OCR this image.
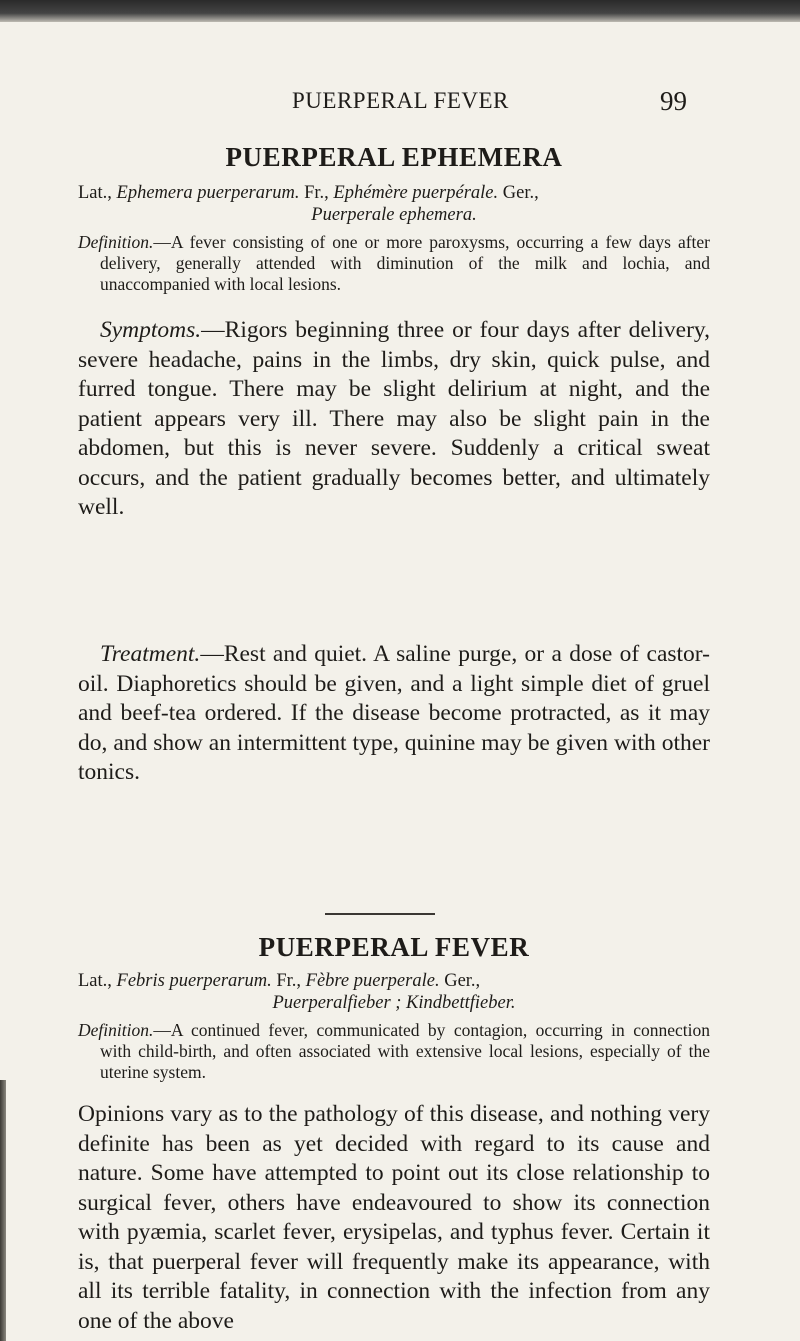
PUERPERAL FEVER	99
PUERPERAL EPHEMERA

Lat., Ephemera puerperarum. Fr., Ephémère puerpérale. Ger.,
Puerperale ephemera.

Definition.—A fever consisting of one or more paroxysms, occurring a few days after delivery, generally attended with diminution of the milk and lochia, and unaccompanied with local lesions.

Symptoms.—Rigors beginning three or four days after delivery, severe headache, pains in the limbs, dry skin, quick pulse, and furred tongue. There may be slight delirium at night, and the patient appears very ill. There may also be slight pain in the abdomen, but this is never severe. Suddenly a critical sweat occurs, and the patient gradually becomes better, and ultimately well.

Treatment.—Rest and quiet. A saline purge, or a dose of castor-oil. Diaphoretics should be given, and a light simple diet of gruel and beef-tea ordered. If the disease become protracted, as it may do, and show an intermittent type, quinine may be given with other tonics.

PUERPERAL FEVER

Lat., Febris puerperarum. Fr., Fèbre puerperale. Ger.,
Puerperalfieber ; Kindbettfieber.

Definition.—A continued fever, communicated by contagion, occurring in connection with child-birth, and often associated with extensive local lesions, especially of the uterine system.

Opinions vary as to the pathology of this disease, and nothing very definite has been as yet decided with regard to its cause and nature. Some have attempted to point out its close relationship to surgical fever, others have endeavoured to show its connection with pyæmia, scarlet fever, erysipelas, and typhus fever. Certain it is, that puerperal fever will frequently make its appearance, with all its terrible fatality, in connection with the infection from any one of the above
